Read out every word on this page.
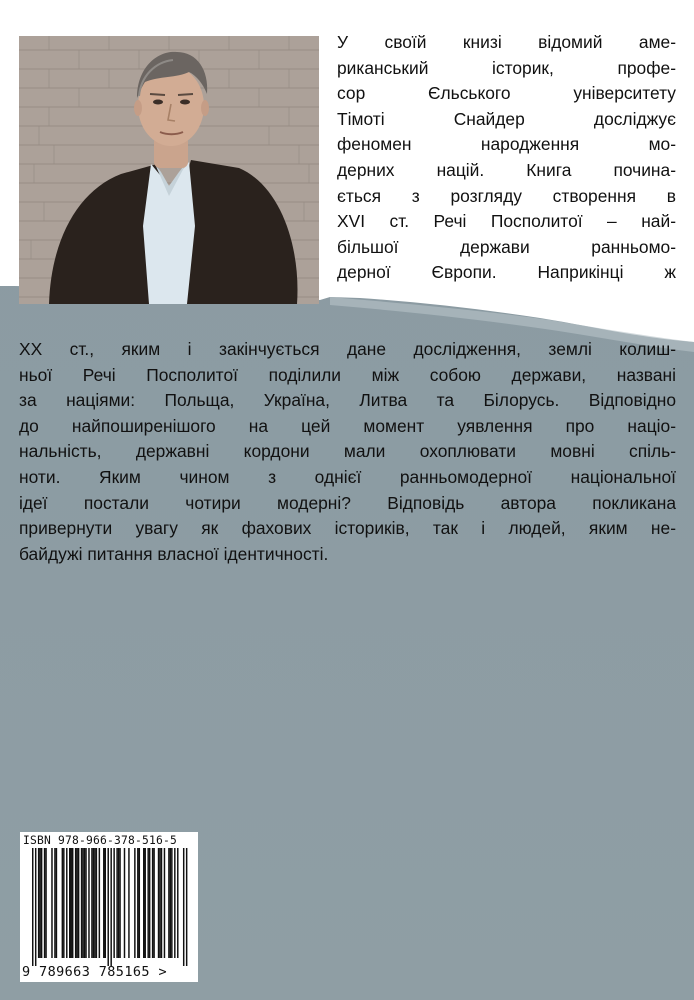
У своїй книзі відомий аме-
риканський історик, профе-
сор Єльського університету
Тімоті Снайдер досліджує
феномен народження мо-
дерних націй. Книга почина-
ється з розгляду створення в
XVI ст. Речі Посполитої – най-
більшої держави ранньомо-
дерної Європи. Наприкінці ж
XX ст., яким і закінчується дане дослідження, землі колиш-
ньої Речі Посполитої поділили між собою держави, названі
за націями: Польща, Україна, Литва та Білорусь. Відповідно
до найпоширенішого на цей момент уявлення про націо-
нальність, державні кордони мали охоплювати мовні спіль-
ноти. Яким чином з однієї ранньомодерної національної
ідеї постали чотири модерні? Відповідь автора покликана
привернути увагу як фахових істориків, так і людей, яким не-
байдужі питання власної ідентичності.
ISBN 978-966-378-516-5
9 789663 785165 >
